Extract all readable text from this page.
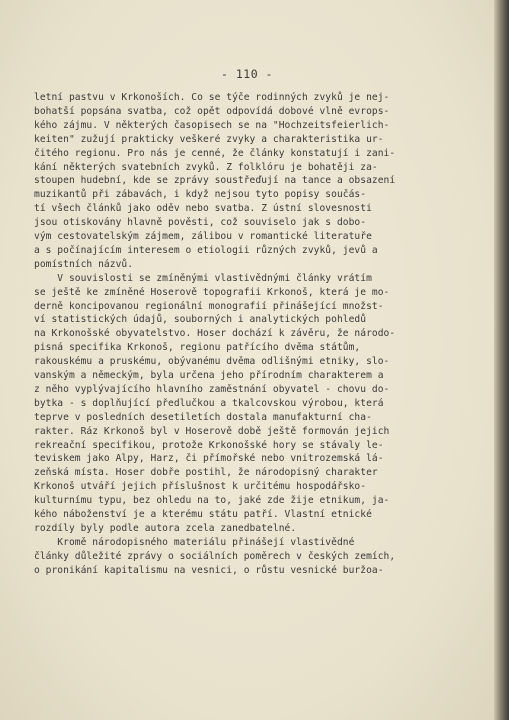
- 110 -
letní pastvu v Krkonoších. Co se týče rodinných zvyků je nej-
bohatší popsána svatba, což opět odpovídá dobové vlně evrops-
kého zájmu. V některých časopisech se na "Hochzeitsfeierlich-
keiten" zužují prakticky veškeré zvyky a charakteristika ur-
čitého regionu. Pro nás je cenné, že články konstatují i zani-
kání některých svatebních zvyků. Z folklóru je bohatěji za-
stoupen hudební, kde se zprávy soustřeďují na tance a obsazení
muzikantů při zábavách, i když nejsou tyto popisy součás-
tí všech článků jako oděv nebo svatba. Z ústní slovesnosti
jsou otiskovány hlavně pověsti, což souviselo jak s dobo-
vým cestovatelským zájmem, zálibou v romantické literatuře
a s počínajícím interesem o etiologii různých zvyků, jevů a
pomístních názvů.
V souvislosti se zmíněnými vlastivědnými články vrátím
se ještě ke zmíněné Hoserově topografii Krkonoš, která je mo-
derně koncipovanou regionální monografií přinášející množst-
ví statistických údajů, souborných i analytických pohledů
na Krkonošské obyvatelstvo. Hoser dochází k závěru, že národo-
pisná specifika Krkonoš, regionu patřícího dvěma státům,
rakouskému a pruskému, obývanému dvěma odlišnými etniky, slo-
vanským a německým, byla určena jeho přírodním charakterem a
z něho vyplývajícího hlavního zaměstnání obyvatel - chovu do-
bytka - s doplňující předlučkou a tkalcovskou výrobou, která
teprve v posledních desetiletích dostala manufakturní cha-
rakter. Ráz Krkonoš byl v Hoserově době ještě formován jejich
rekreační specifikou, protože Krkonošské hory se stávaly le-
teviskem jako Alpy, Harz, či přímořské nebo vnitrozemská lá-
zeňská místa. Hoser dobře postihl, že národopisný charakter
Krkonoš utváří jejich příslušnost k určitému hospodářsko-
kulturnímu typu, bez ohledu na to, jaké zde žije etnikum, ja-
kého náboženství je a kterému státu patří. Vlastní etnické
rozdíly byly podle autora zcela zanedbatelné.
Kromě národopisného materiálu přinášejí vlastivědné
články důležité zprávy o sociálních poměrech v českých zemích,
o pronikání kapitalismu na vesnici, o růstu vesnické buržoa-
